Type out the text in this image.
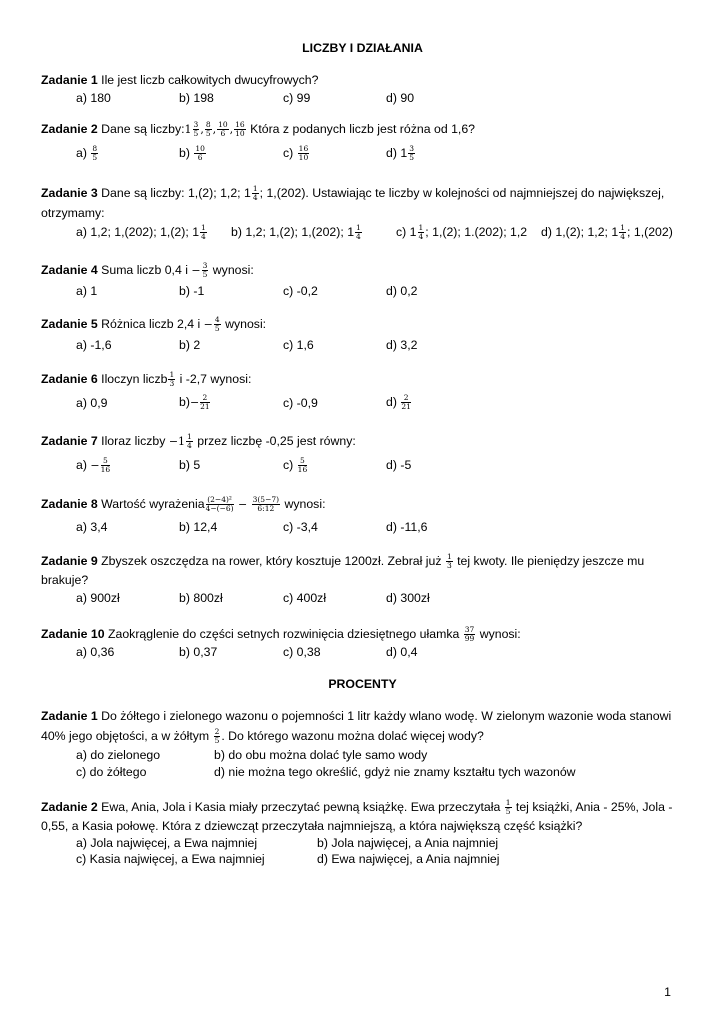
LICZBY I DZIAŁANIA
Zadanie 1 Ile jest liczb całkowitych dwucyfrowych?
a) 180	b) 198	c) 99	d) 90
Zadanie 2 Dane są liczby:1 $\frac{3}{5}$ , $\frac{8}{5}$ , $\frac{10}{6}$ , $\frac{16}{10}$ Która z podanych liczb jest różna od 1,6?
$a) \frac{8}{5}$	$b) \frac{10}{6}$	$c) \frac{16}{10}$	d) $1 \frac{3}{5}$
Zadanie 3 Dane są liczby: 1,(2); 1,2; $1 \frac{1}{4}$ ; 1,(202). Ustawiając te liczby w kolejności od najmniejszej do największej,
otrzymamy:
a) 1,2; 1,(202); 1,(2); $1 \frac{1}{4} b$) 1,2; 1,(2); 1,(202); $1 \frac{1}{4}$	c) $1 \frac{1}{4}$ ; 1,(2); 1.(202); 1,2 d) 1,(2); 1,2; $1 \frac{1}{4}$ ; 1,(202)
Zadanie 4 Suma liczb 0,4 $i - \frac{3}{5}$ wynosi:
a) 1	b) -1	c) -0,2	d) 0,2
Zadanie 5 Różnica liczb 2,4 $i - \frac{4}{5}$ wynosi:
a) -1,6	b) 2	c) 1,6	d) 3,2
Zadanie 6 Iloczyn liczb $\frac{1}{3}$ i -2,7 wynosi:
a) 0,9	$b)- \frac{2}{21}$	c) -0,9	$d) \frac{2}{21}$
Zadanie 7 Iloraz liczby $-1 \frac{1}{4}$ przez liczbę -0,25 jest równy:
$a) - \frac{5}{16}$	b) 5	$c) \frac{5}{16}$	d) -5
Zadanie 8 Wartość wyrażenia $\frac{\text{(2−4)²}}{4-(-6)} - \frac{3(5-7)}{6:12}$ wynosi:
a) 3,4	b) 12,4	c) -3,4	d) -11,6
Zadanie 9 Zbyszek oszczędza na rower, który kosztuje 1200zł. Zebrał już $\frac{1}{3}$ tej kwoty. Ile pieniędzy jeszcze mu
brakuje?
a) 900zł	b) 800zł	c) 400zł	d) 300zł
Zadanie 10 Zaokrąglenie do części setnych rozwinięcia dziesiętnego ułamka $\frac{37}{99}$ wynosi:
a) 0,36	b) 0,37	c) 0,38	d) 0,4
PROCENTY
Zadanie 1 Do żółtego i zielonego wazonu o pojemności 1 litr każdy wlano wodę. W zielonym wazonie woda stanowi
40% jego objętości, a w żółtym $\frac{2}{5}$ . Do którego wazonu można dolać więcej wody?
a) do zielonego	b) do obu można dolać tyle samo wody
c) do żółtego	d) nie można tego określić, gdyż nie znamy kształtu tych wazonów
Zadanie 2 Ewa, Ania, Jola i Kasia miały przeczytać pewną książkę. Ewa przeczytała $\frac{1}{5}$ tej książki, Ania - 25%, Jola -
0,55, a Kasia połowę. Która z dziewcząt przeczytała najmniejszą, a która największą część książki?
a) Jola najwięcej, a Ewa najmniej	b) Jola najwięcej, a Ania najmniej
c) Kasia najwięcej, a Ewa najmniej	d) Ewa najwięcej, a Ania najmniej
1
